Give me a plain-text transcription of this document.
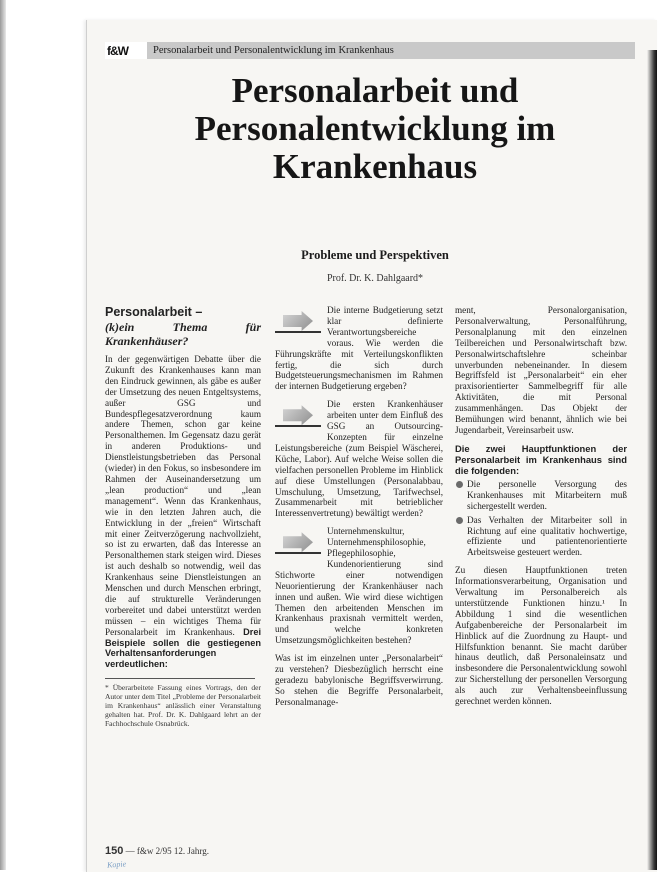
f&W	Personalarbeit und Personalentwicklung im Krankenhaus
Personalarbeit und Personalentwicklung im Krankenhaus

Probleme und Perspektiven

Prof. Dr. K. Dahlgaard*

Personalarbeit –
(k)ein Thema für Krankenhäuser?

In der gegenwärtigen Debatte über die Zukunft des Krankenhauses kann man den Eindruck gewinnen, als gäbe es außer der Umsetzung des neuen Entgeltsystems, außer GSG und Bundespflegesatzverordnung kaum andere Themen, schon gar keine Personalthemen. Im Gegensatz dazu gerät in anderen Produktions- und Dienstleistungsbetrieben das Personal (wieder) in den Fokus, so insbesondere im Rahmen der Auseinandersetzung um „lean production“ und „lean management“. Wenn das Krankenhaus, wie in den letzten Jahren auch, die Entwicklung in der „freien“ Wirtschaft mit einer Zeitverzögerung nachvollzieht, so ist zu erwarten, daß das Interesse an Personalthemen stark steigen wird. Dieses ist auch deshalb so notwendig, weil das Krankenhaus seine Dienstleistungen an Menschen und durch Menschen erbringt, die auf strukturelle Veränderungen vorbereitet und dabei unterstützt werden müssen – ein wichtiges Thema für Personalarbeit im Krankenhaus. Drei Beispiele sollen die gestiegenen Verhaltensanforderungen verdeutlichen:

* Überarbeitete Fassung eines Vortrags, den der Autor unter dem Titel „Probleme der Personalarbeit im Krankenhaus“ anlässlich einer Veranstaltung gehalten hat. Prof. Dr. K. Dahlgaard lehrt an der Fachhochschule Osnabrück.

Die interne Budgetierung setzt klar definierte Verantwortungsbereiche voraus. Wie werden die Führungskräfte mit Verteilungskonflikten fertig, die sich durch Budgetsteuerungsmechanismen im Rahmen der internen Budgetierung ergeben?

Die ersten Krankenhäuser arbeiten unter dem Einfluß des GSG an Outsourcing-Konzepten für einzelne Leistungsbereiche (zum Beispiel Wäscherei, Küche, Labor). Auf welche Weise sollen die vielfachen personellen Probleme im Hinblick auf diese Umstellungen (Personalabbau, Umschulung, Umsetzung, Tarifwechsel, Zusammenarbeit mit betrieblicher Interessenvertretung) bewältigt werden?

Unternehmenskultur, Unternehmensphilosophie, Pflegephilosophie, Kundenorientierung sind Stichworte einer notwendigen Neuorientierung der Krankenhäuser nach innen und außen. Wie wird diese wichtigen Themen den arbeitenden Menschen im Krankenhaus praxisnah vermittelt werden, und welche konkreten Umsetzungsmöglichkeiten bestehen?

Was ist im einzelnen unter „Personalarbeit“ zu verstehen? Diesbezüglich herrscht eine geradezu babylonische Begriffsverwirrung. So stehen die Begriffe Personalarbeit, Personalmanage-

ment, Personalorganisation, Personalverwaltung, Personalführung, Personalplanung mit den einzelnen Teilbereichen und Personalwirtschaft bzw. Personalwirtschaftslehre scheinbar unverbunden nebeneinander. In diesem Begriffsfeld ist „Personalarbeit“ ein eher praxisorientierter Sammelbegriff für alle Aktivitäten, die mit Personal zusammenhängen. Das Objekt der Bemühungen wird benannt, ähnlich wie bei Jugendarbeit, Vereinsarbeit usw.

Die zwei Hauptfunktionen der Personalarbeit im Krankenhaus sind die folgenden:
Die personelle Versorgung des Krankenhauses mit Mitarbeitern muß sichergestellt werden.
Das Verhalten der Mitarbeiter soll in Richtung auf eine qualitativ hochwertige, effiziente und patientenorientierte Arbeitsweise gesteuert werden.

Zu diesen Hauptfunktionen treten Informationsverarbeitung, Organisation und Verwaltung im Personalbereich als unterstützende Funktionen hinzu.¹ In Abbildung 1 sind die wesentlichen Aufgabenbereiche der Personalarbeit im Hinblick auf die Zuordnung zu Haupt- und Hilfsfunktion benannt. Sie macht darüber hinaus deutlich, daß Personaleinsatz und insbesondere die Personalentwicklung sowohl zur Sicherstellung der personellen Versorgung als auch zur Verhaltensbeeinflussung gerechnet werden können.

150 — f&w 2/95 12. Jahrg.
Kopie
